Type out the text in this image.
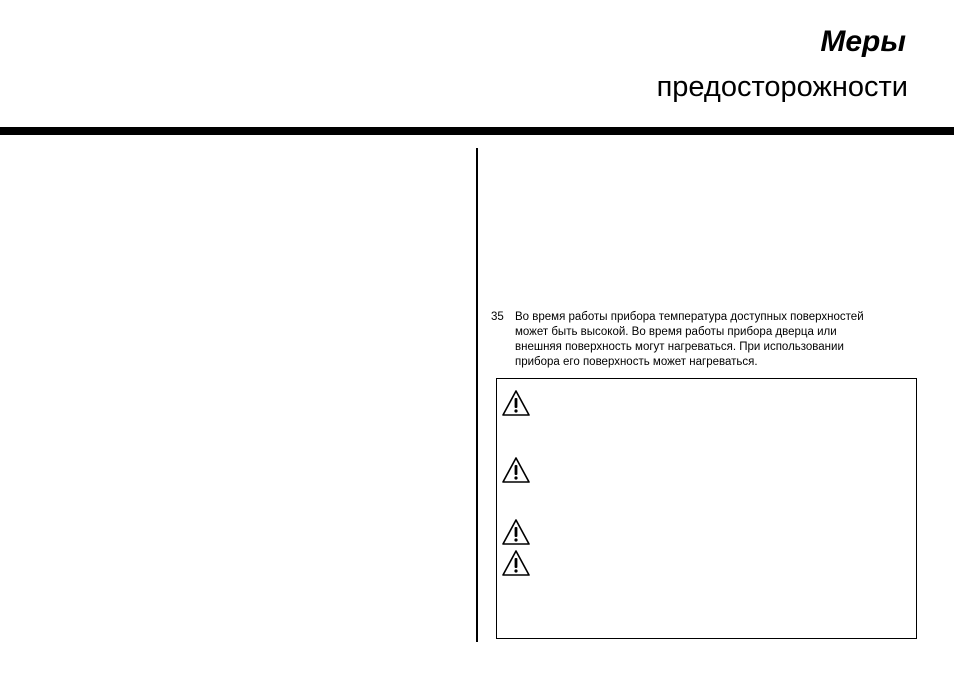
Меры
предосторожности
35 Во время работы прибора температура доступных поверхностей
может быть высокой. Во время работы прибора дверца или
внешняя поверхность могут нагреваться. При использовании
прибора его поверхность может нагреваться.
